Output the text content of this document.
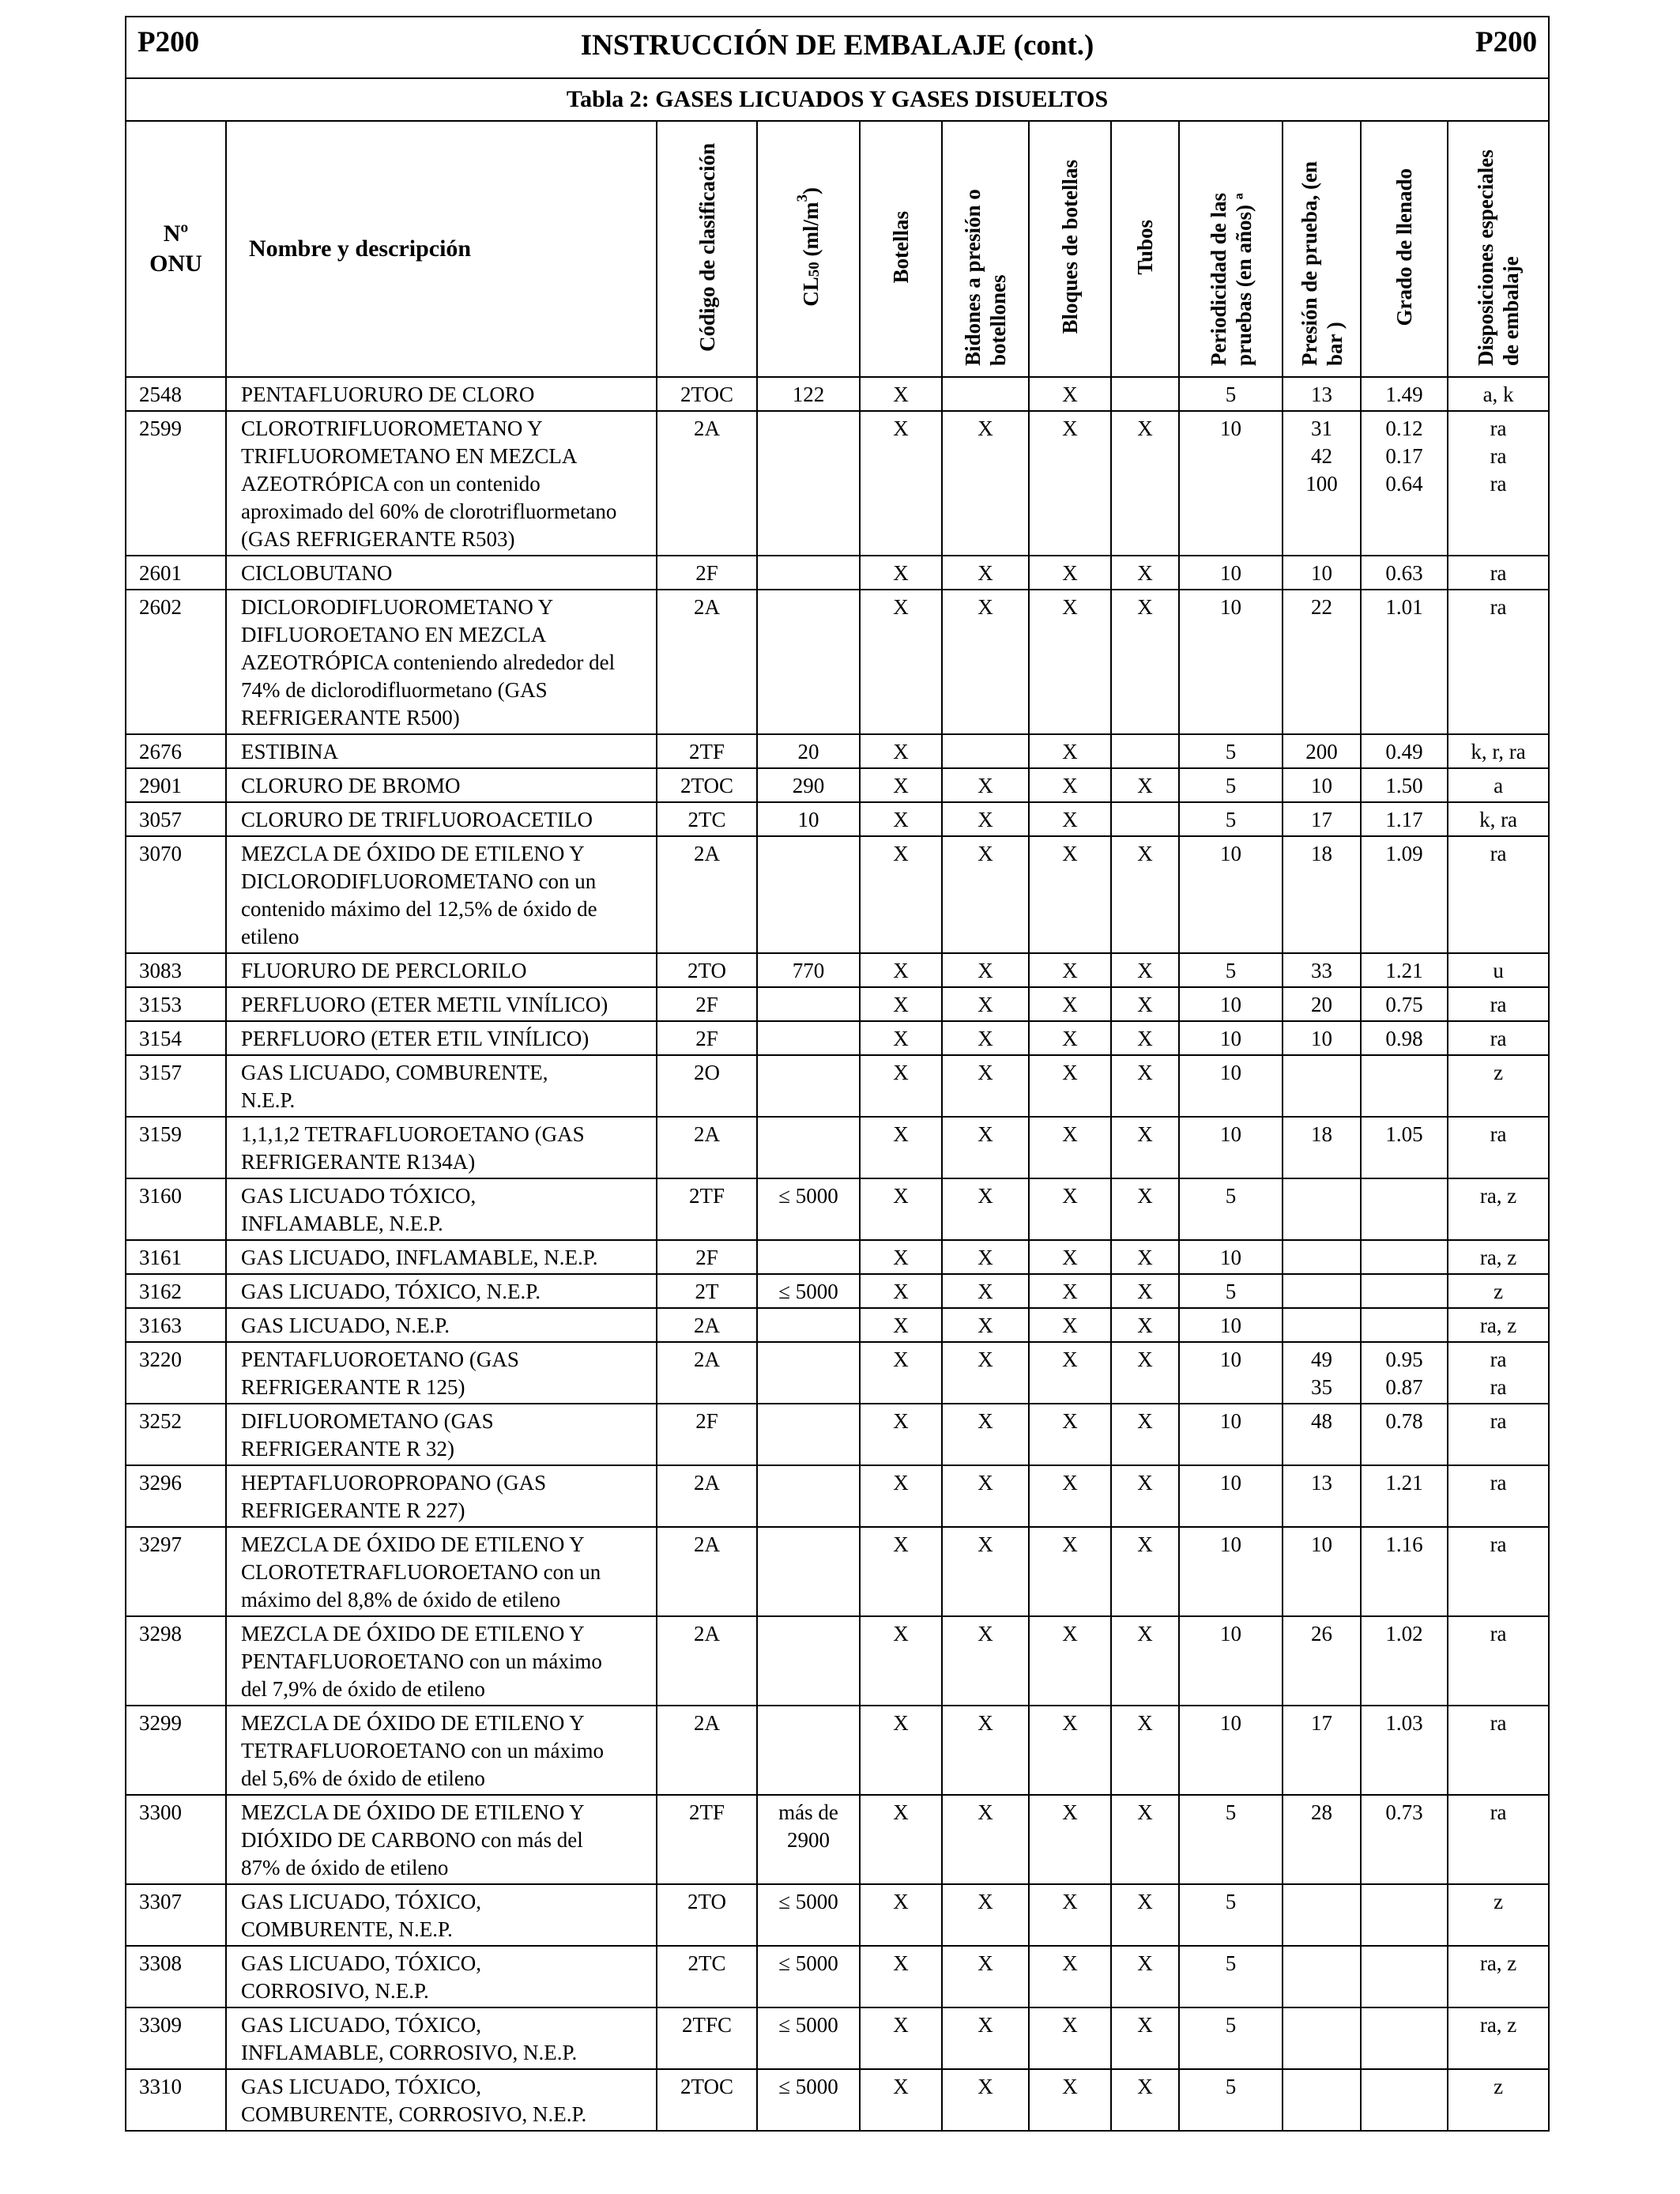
P200 INSTRUCCIÓN DE EMBALAJE (cont.) P200											

Tabla 2: GASES LICUADOS Y GASES DISUELTOS											
Nº
ONU	Nombre y descripción	Código de clasificación	$CL_{50}$ $(ml/m^3)$	Botellas	Bidones a presión o botellones	Bloques de botellas	Tubos	Periodicidad de las pruebas (en años) ª	Presión de prueba, (en bar )	Grado de llenado	Disposiciones especiales de embalaje
2548	PENTAFLUORURO DE CLORO	2TOC	122	X		X		5	13	1.49	a, k

2599	CLOROTRIFLUOROMETANO Y
TRIFLUOROMETANO EN MEZCLA
AZEOTRÓPICA con un contenido
aproximado del 60% de clorotrifluormetano
(GAS REFRIGERANTE R503)	2A		X	X	X	X	10	31
42
100	0.12
0.17
0.64	ra
ra
ra

2601	CICLOBUTANO	2F		X	X	X	X	10	10	0.63	ra

2602	DICLORODIFLUOROMETANO Y
DIFLUOROETANO EN MEZCLA
AZEOTRÓPICA conteniendo alrededor del
74% de diclorodifluormetano (GAS
REFRIGERANTE R500)	2A		X	X	X	X	10	22	1.01	ra

2676	ESTIBINA	2TF	20	X		X		5	200	0.49	k, r, ra

2901	CLORURO DE BROMO	2TOC	290	X	X	X	X	5	10	1.50	a

3057	CLORURO DE TRIFLUOROACETILO	2TC	10	X	X	X		5	17	1.17	k, ra

3070	MEZCLA DE ÓXIDO DE ETILENO Y
DICLORODIFLUOROMETANO con un
contenido máximo del 12,5% de óxido de
etileno	2A		X	X	X	X	10	18	1.09	ra

3083	FLUORURO DE PERCLORILO	2TO	770	X	X	X	X	5	33	1.21	u

3153	PERFLUORO (ETER METIL VINÍLICO)	2F		X	X	X	X	10	20	0.75	ra

3154	PERFLUORO (ETER ETIL VINÍLICO)	2F		X	X	X	X	10	10	0.98	ra

3157	GAS LICUADO, COMBURENTE,
N.E.P.	2O		X	X	X	X	10			z

3159	1,1,1,2 TETRAFLUOROETANO (GAS
REFRIGERANTE R134A)	2A		X	X	X	X	10	18	1.05	ra

3160	GAS LICUADO TÓXICO,
INFLAMABLE, N.E.P.	2TF	≤ 5000	X	X	X	X	5			ra, z

3161	GAS LICUADO, INFLAMABLE, N.E.P.	2F		X	X	X	X	10			ra, z

3162	GAS LICUADO, TÓXICO, N.E.P.	2T	≤ 5000	X	X	X	X	5			z

3163	GAS LICUADO, N.E.P.	2A		X	X	X	X	10			ra, z

3220	PENTAFLUOROETANO (GAS
REFRIGERANTE R 125)	2A		X	X	X	X	10	49
35	0.95
0.87	ra
ra

3252	DIFLUOROMETANO (GAS
REFRIGERANTE R 32)	2F		X	X	X	X	10	48	0.78	ra

3296	HEPTAFLUOROPROPANO (GAS
REFRIGERANTE R 227)	2A		X	X	X	X	10	13	1.21	ra

3297	MEZCLA DE ÓXIDO DE ETILENO Y
CLOROTETRAFLUOROETANO con un
máximo del 8,8% de óxido de etileno	2A		X	X	X	X	10	10	1.16	ra

3298	MEZCLA DE ÓXIDO DE ETILENO Y
PENTAFLUOROETANO con un máximo
del 7,9% de óxido de etileno	2A		X	X	X	X	10	26	1.02	ra

3299	MEZCLA DE ÓXIDO DE ETILENO Y
TETRAFLUOROETANO con un máximo
del 5,6% de óxido de etileno	2A		X	X	X	X	10	17	1.03	ra

3300	MEZCLA DE ÓXIDO DE ETILENO Y
DIÓXIDO DE CARBONO con más del
87% de óxido de etileno	2TF	más de
2900	X	X	X	X	5	28	0.73	ra

3307	GAS LICUADO, TÓXICO,
COMBURENTE, N.E.P.	2TO	≤ 5000	X	X	X	X	5			z

3308	GAS LICUADO, TÓXICO,
CORROSIVO, N.E.P.	2TC	≤ 5000	X	X	X	X	5			ra, z

3309	GAS LICUADO, TÓXICO,
INFLAMABLE, CORROSIVO, N.E.P.	2TFC	≤ 5000	X	X	X	X	5			ra, z

3310	GAS LICUADO, TÓXICO,
COMBURENTE, CORROSIVO, N.E.P.	2TOC	≤ 5000	X	X	X	X	5			z
